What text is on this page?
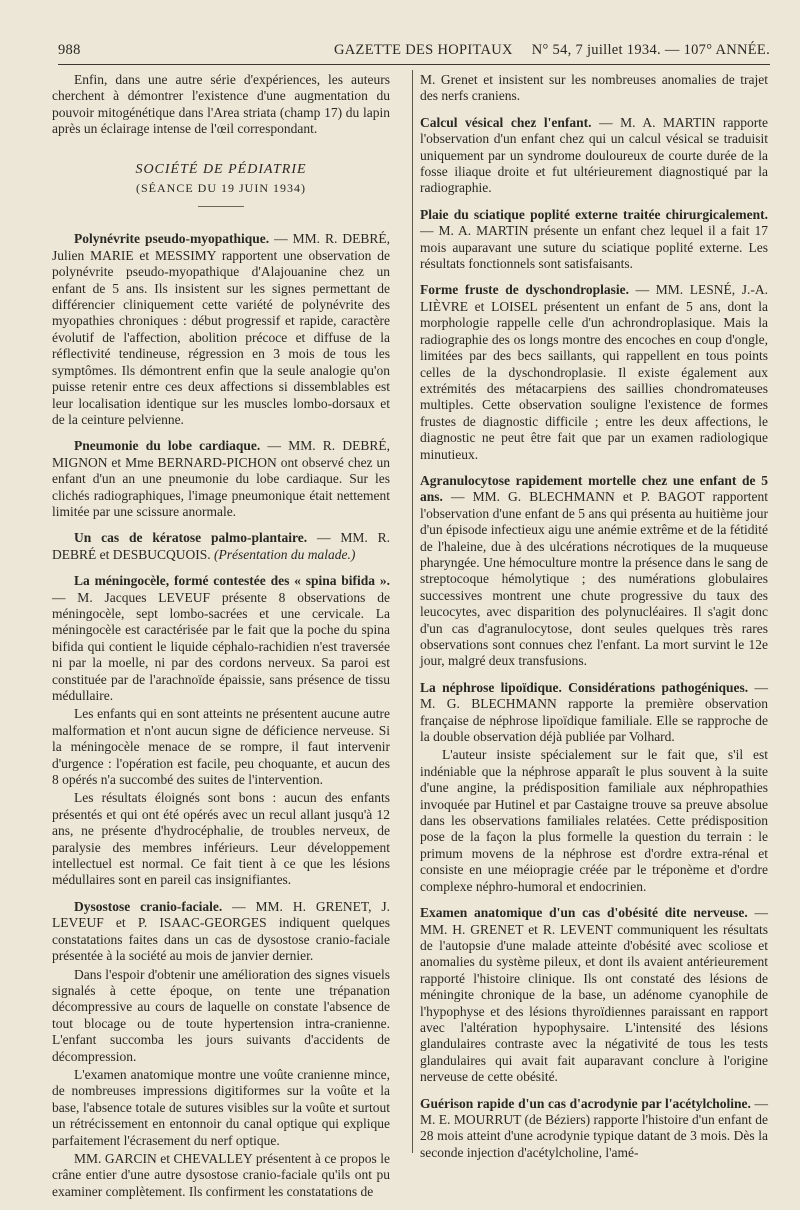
988	GAZETTE DES HOPITAUX N° 54, 7 juillet 1934. — 107° ANNÉE.

Enfin, dans une autre série d'expériences, les auteurs cherchent à démontrer l'existence d'une augmentation du pouvoir mitogénétique dans l'Area striata (champ 17) du lapin après un éclairage intense de l'œil correspondant.

SOCIÉTÉ DE PÉDIATRIE
(SÉANCE DU 19 JUIN 1934)

Polynévrite pseudo-myopathique. — MM. R. DEBRÉ, Julien MARIE et MESSIMY rapportent une observation de polynévrite pseudo-myopathique d'Alajouanine chez un enfant de 5 ans. Ils insistent sur les signes permettant de différencier cliniquement cette variété de polynévrite des myopathies chroniques : début progressif et rapide, caractère évolutif de l'affection, abolition précoce et diffuse de la réflectivité tendineuse, régression en 3 mois de tous les symptômes. Ils démontrent enfin que la seule analogie qu'on puisse retenir entre ces deux affections si dissemblables est leur localisation identique sur les muscles lombo-dorsaux et de la ceinture pelvienne.

Pneumonie du lobe cardiaque. — MM. R. DEBRÉ, MIGNON et Mme BERNARD-PICHON ont observé chez un enfant d'un an une pneumonie du lobe cardiaque. Sur les clichés radiographiques, l'image pneumonique était nettement limitée par une scissure anormale.

Un cas de kératose palmo-plantaire. — MM. R. DEBRÉ et DESBUCQUOIS. (Présentation du malade.)

La méningocèle, formé contestée des « spina bifida ». — M. Jacques LEVEUF présente 8 observations de méningocèle, sept lombo-sacrées et une cervicale. La méningocèle est caractérisée par le fait que la poche du spina bifida qui contient le liquide céphalo-rachidien n'est traversée ni par la moelle, ni par des cordons nerveux. Sa paroi est constituée par de l'arachnoïde épaissie, sans présence de tissu médullaire.

Les enfants qui en sont atteints ne présentent aucune autre malformation et n'ont aucun signe de déficience nerveuse. Si la méningocèle menace de se rompre, il faut intervenir d'urgence : l'opération est facile, peu choquante, et aucun des 8 opérés n'a succombé des suites de l'intervention.

Les résultats éloignés sont bons : aucun des enfants présentés et qui ont été opérés avec un recul allant jusqu'à 12 ans, ne présente d'hydrocéphalie, de troubles nerveux, de paralysie des membres inférieurs. Leur développement intellectuel est normal. Ce fait tient à ce que les lésions médullaires sont en pareil cas insignifiantes.

Dysostose cranio-faciale. — MM. H. GRENET, J. LEVEUF et P. ISAAC-GEORGES indiquent quelques constatations faites dans un cas de dysostose cranio-faciale présentée à la société au mois de janvier dernier.

Dans l'espoir d'obtenir une amélioration des signes visuels signalés à cette époque, on tente une trépanation décompressive au cours de laquelle on constate l'absence de tout blocage ou de toute hypertension intra-cranienne. L'enfant succomba les jours suivants d'accidents de décompression.

L'examen anatomique montre une voûte cranienne mince, de nombreuses impressions digitiformes sur la voûte et la base, l'absence totale de sutures visibles sur la voûte et surtout un rétrécissement en entonnoir du canal optique qui explique parfaitement l'écrasement du nerf optique.

MM. GARCIN et CHEVALLEY présentent à ce propos le crâne entier d'une autre dysostose cranio-faciale qu'ils ont pu examiner complètement. Ils confirment les constatations de

M. Grenet et insistent sur les nombreuses anomalies de trajet des nerfs craniens.

Calcul vésical chez l'enfant. — M. A. MARTIN rapporte l'observation d'un enfant chez qui un calcul vésical se traduisit uniquement par un syndrome douloureux de courte durée de la fosse iliaque droite et fut ultérieurement diagnostiqué par la radiographie.

Plaie du sciatique poplité externe traitée chirurgicalement. — M. A. MARTIN présente un enfant chez lequel il a fait 17 mois auparavant une suture du sciatique poplité externe. Les résultats fonctionnels sont satisfaisants.

Forme fruste de dyschondroplasie. — MM. LESNÉ, J.-A. LIÈVRE et LOISEL présentent un enfant de 5 ans, dont la morphologie rappelle celle d'un achrondroplasique. Mais la radiographie des os longs montre des encoches en coup d'ongle, limitées par des becs saillants, qui rappellent en tous points celles de la dyschondroplasie. Il existe également aux extrémités des métacarpiens des saillies chondromateuses multiples. Cette observation souligne l'existence de formes frustes de diagnostic difficile ; entre les deux affections, le diagnostic ne peut être fait que par un examen radiologique minutieux.

Agranulocytose rapidement mortelle chez une enfant de 5 ans. — MM. G. BLECHMANN et P. BAGOT rapportent l'observation d'une enfant de 5 ans qui présenta au huitième jour d'un épisode infectieux aigu une anémie extrême et de la fétidité de l'haleine, due à des ulcérations nécrotiques de la muqueuse pharyngée. Une hémoculture montre la présence dans le sang de streptocoque hémolytique ; des numérations globulaires successives montrent une chute progressive du taux des leucocytes, avec disparition des polynucléaires. Il s'agit donc d'un cas d'agranulocytose, dont seules quelques très rares observations sont connues chez l'enfant. La mort survint le 12e jour, malgré deux transfusions.

La néphrose lipoïdique. Considérations pathogéniques. — M. G. BLECHMANN rapporte la première observation française de néphrose lipoïdique familiale. Elle se rapproche de la double observation déjà publiée par Volhard.

L'auteur insiste spécialement sur le fait que, s'il est indéniable que la néphrose apparaît le plus souvent à la suite d'une angine, la prédisposition familiale aux néphropathies invoquée par Hutinel et par Castaigne trouve sa preuve absolue dans les observations familiales relatées. Cette prédisposition pose de la façon la plus formelle la question du terrain : le primum movens de la néphrose est d'ordre extra-rénal et consiste en une méiopragie créée par le tréponème et d'ordre complexe néphro-humoral et endocrinien.

Examen anatomique d'un cas d'obésité dite nerveuse. — MM. H. GRENET et R. LEVENT communiquent les résultats de l'autopsie d'une malade atteinte d'obésité avec scoliose et anomalies du système pileux, et dont ils avaient antérieurement rapporté l'histoire clinique. Ils ont constaté des lésions de méningite chronique de la base, un adénome cyanophile de l'hypophyse et des lésions thyroïdiennes paraissant en rapport avec l'altération hypophysaire. L'intensité des lésions glandulaires contraste avec la négativité de tous les tests glandulaires qui avait fait auparavant conclure à l'origine nerveuse de cette obésité.

Guérison rapide d'un cas d'acrodynie par l'acétylcholine. — M. E. MOURRUT (de Béziers) rapporte l'histoire d'un enfant de 28 mois atteint d'une acrodynie typique datant de 3 mois. Dès la seconde injection d'acétylcholine, l'amé-
